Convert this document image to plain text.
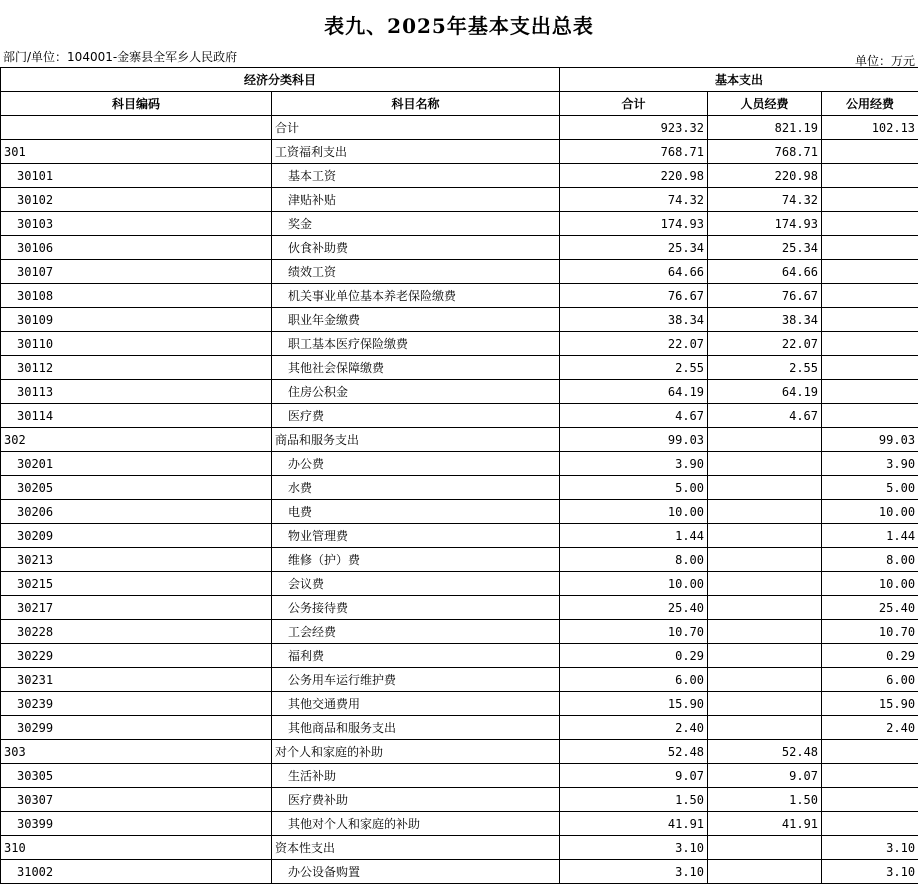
表九、2025年基本支出总表
部门/单位：104001-金寨县全军乡人民政府	单位：万元
经济分类科目		基本支出		
科目编码	科目名称	合计	人员经费	公用经费
	合计	923.32	821.19	102.13
301	工资福利支出	768.71	768.71	
30101	基本工资	220.98	220.98	
30102	津贴补贴	74.32	74.32	
30103	奖金	174.93	174.93	
30106	伙食补助费	25.34	25.34	
30107	绩效工资	64.66	64.66	
30108	机关事业单位基本养老保险缴费	76.67	76.67	
30109	职业年金缴费	38.34	38.34	
30110	职工基本医疗保险缴费	22.07	22.07	
30112	其他社会保障缴费	2.55	2.55	
30113	住房公积金	64.19	64.19	
30114	医疗费	4.67	4.67	
302	商品和服务支出	99.03		99.03
30201	办公费	3.90		3.90
30205	水费	5.00		5.00
30206	电费	10.00		10.00
30209	物业管理费	1.44		1.44
30213	维修（护）费	8.00		8.00
30215	会议费	10.00		10.00
30217	公务接待费	25.40		25.40
30228	工会经费	10.70		10.70
30229	福利费	0.29		0.29
30231	公务用车运行维护费	6.00		6.00
30239	其他交通费用	15.90		15.90
30299	其他商品和服务支出	2.40		2.40
303	对个人和家庭的补助	52.48	52.48	
30305	生活补助	9.07	9.07	
30307	医疗费补助	1.50	1.50	
30399	其他对个人和家庭的补助	41.91	41.91	
310	资本性支出	3.10		3.10
31002	办公设备购置	3.10		3.10
